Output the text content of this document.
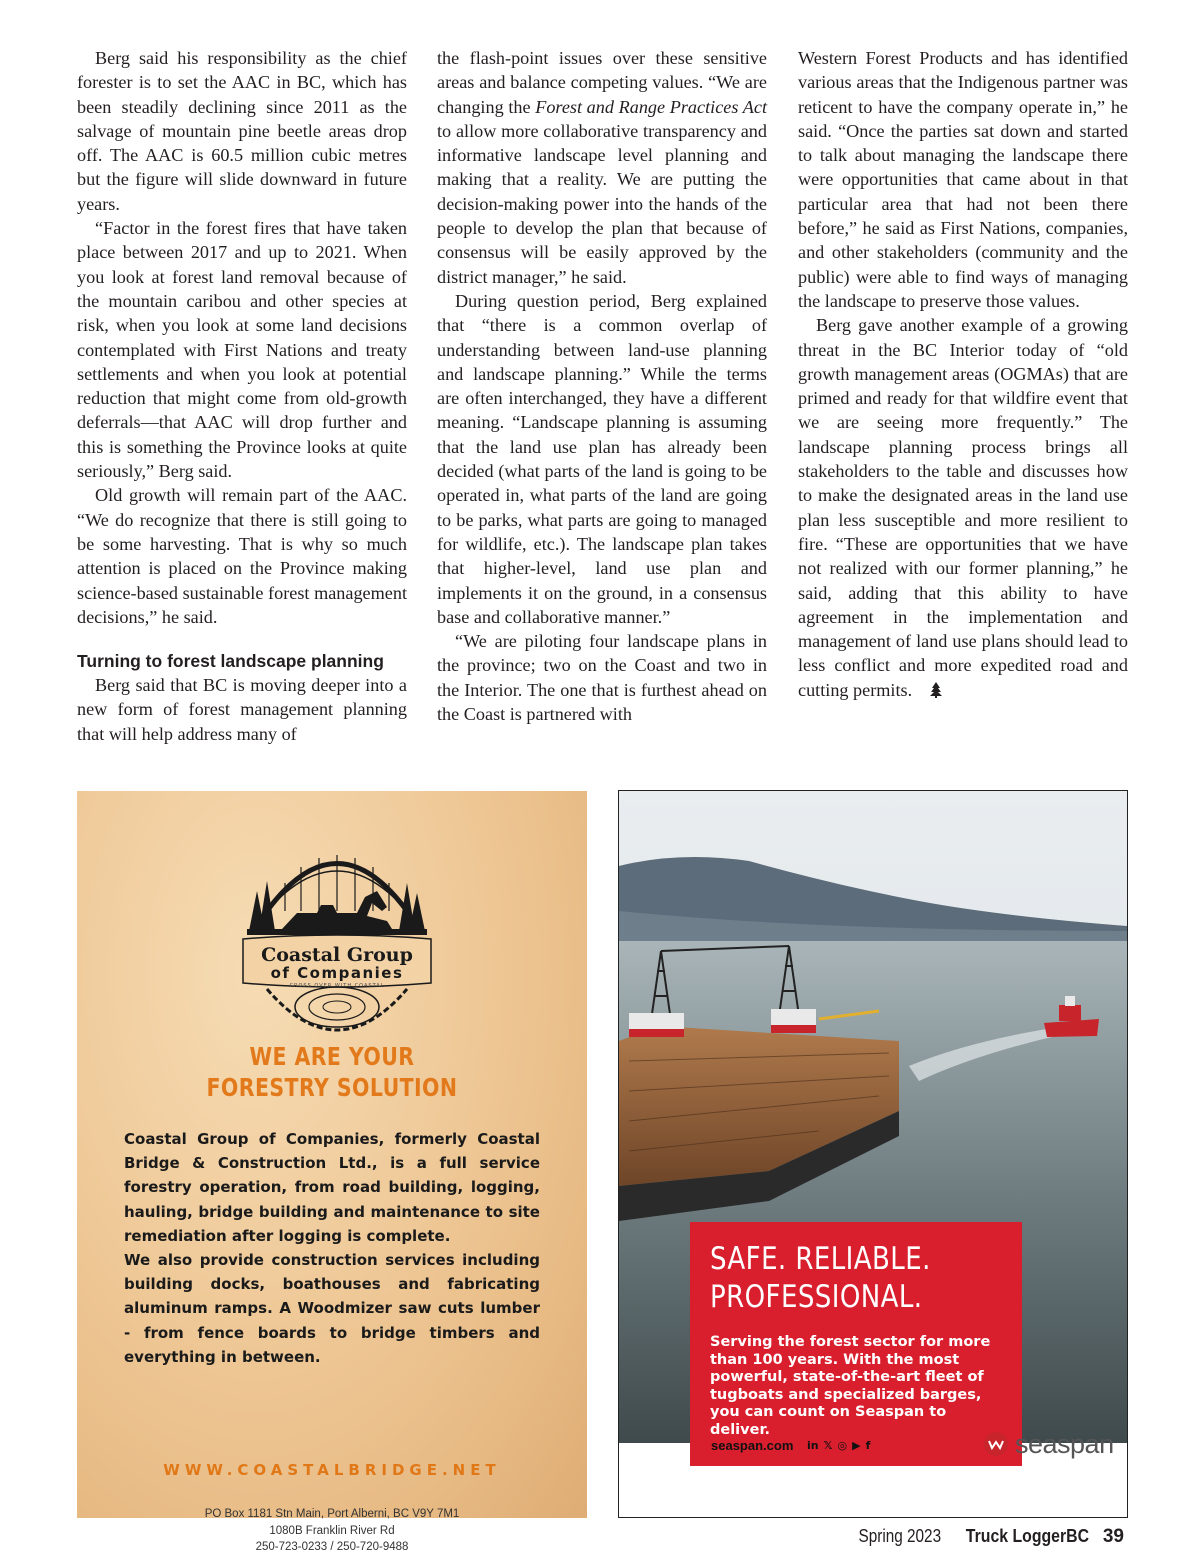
Berg said his responsibility as the chief forester is to set the AAC in BC, which has been steadily declining since 2011 as the salvage of mountain pine beetle areas drop off. The AAC is 60.5 million cubic metres but the figure will slide downward in future years.

“Factor in the forest fires that have taken place between 2017 and up to 2021. When you look at forest land removal because of the mountain caribou and other species at risk, when you look at some land decisions contemplated with First Nations and treaty settlements and when you look at potential reduction that might come from old-growth deferrals—that AAC will drop further and this is something the Province looks at quite seriously,” Berg said.

Old growth will remain part of the AAC. “We do recognize that there is still going to be some harvesting. That is why so much attention is placed on the Province making science-based sustainable forest management decisions,” he said.

Turning to forest landscape planning

Berg said that BC is moving deeper into a new form of forest management planning that will help address many of

the flash-point issues over these sensitive areas and balance competing values. “We are changing the Forest and Range Practices Act to allow more collaborative transparency and informative landscape level planning and making that a reality. We are putting the decision-making power into the hands of the people to develop the plan that because of consensus will be easily approved by the district manager,” he said.

During question period, Berg explained that “there is a common overlap of understanding between land-use planning and landscape planning.” While the terms are often interchanged, they have a different meaning. “Landscape planning is assuming that the land use plan has already been decided (what parts of the land is going to be operated in, what parts of the land are going to be parks, what parts are going to managed for wildlife, etc.). The landscape plan takes that higher-level, land use plan and implements it on the ground, in a consensus base and collaborative manner.”

“We are piloting four landscape plans in the province; two on the Coast and two in the Interior. The one that is furthest ahead on the Coast is partnered with

Western Forest Products and has identified various areas that the Indigenous partner was reticent to have the company operate in,” he said. “Once the parties sat down and started to talk about managing the landscape there were opportunities that came about in that particular area that had not been there before,” he said as First Nations, companies, and other stakeholders (community and the public) were able to find ways of managing the landscape to preserve those values.

Berg gave another example of a growing threat in the BC Interior today of “old growth management areas (OGMAs) that are primed and ready for that wildfire event that we are seeing more frequently.” The landscape planning process brings all stakeholders to the table and discusses how to make the designated areas in the land use plan less susceptible and more resilient to fire. “These are opportunities that we have not realized with our former planning,” he said, adding that this ability to have agreement in the implementation and management of land use plans should lead to less conflict and more expedited road and cutting permits.

Coastal Group
of Companies
CROSS OVER WITH COASTAL
WE ARE YOUR
FORESTRY SOLUTION

Coastal Group of Companies, formerly Coastal Bridge & Construction Ltd., is a full service forestry operation, from road building, logging, hauling, bridge building and maintenance to site remediation after logging is complete.

We also provide construction services including building docks, boathouses and fabricating aluminum ramps. A Woodmizer saw cuts lumber - from fence boards to bridge timbers and everything in between.

WWW.COASTALBRIDGE.NET
PO Box 1181 Stn Main, Port Alberni, BC V9Y 7M1
1080B Franklin River Rd
250-723-0233 / 250-720-9488
SAFE. RELIABLE.
PROFESSIONAL.
Serving the forest sector for more than 100 years. With the most powerful, state-of-the-art fleet of tugboats and specialized barges, you can count on Seaspan to deliver.
seaspan.com in 𝕏 ◎ ▶ f	seaspan
Spring 2023 Truck LoggerBC 39
